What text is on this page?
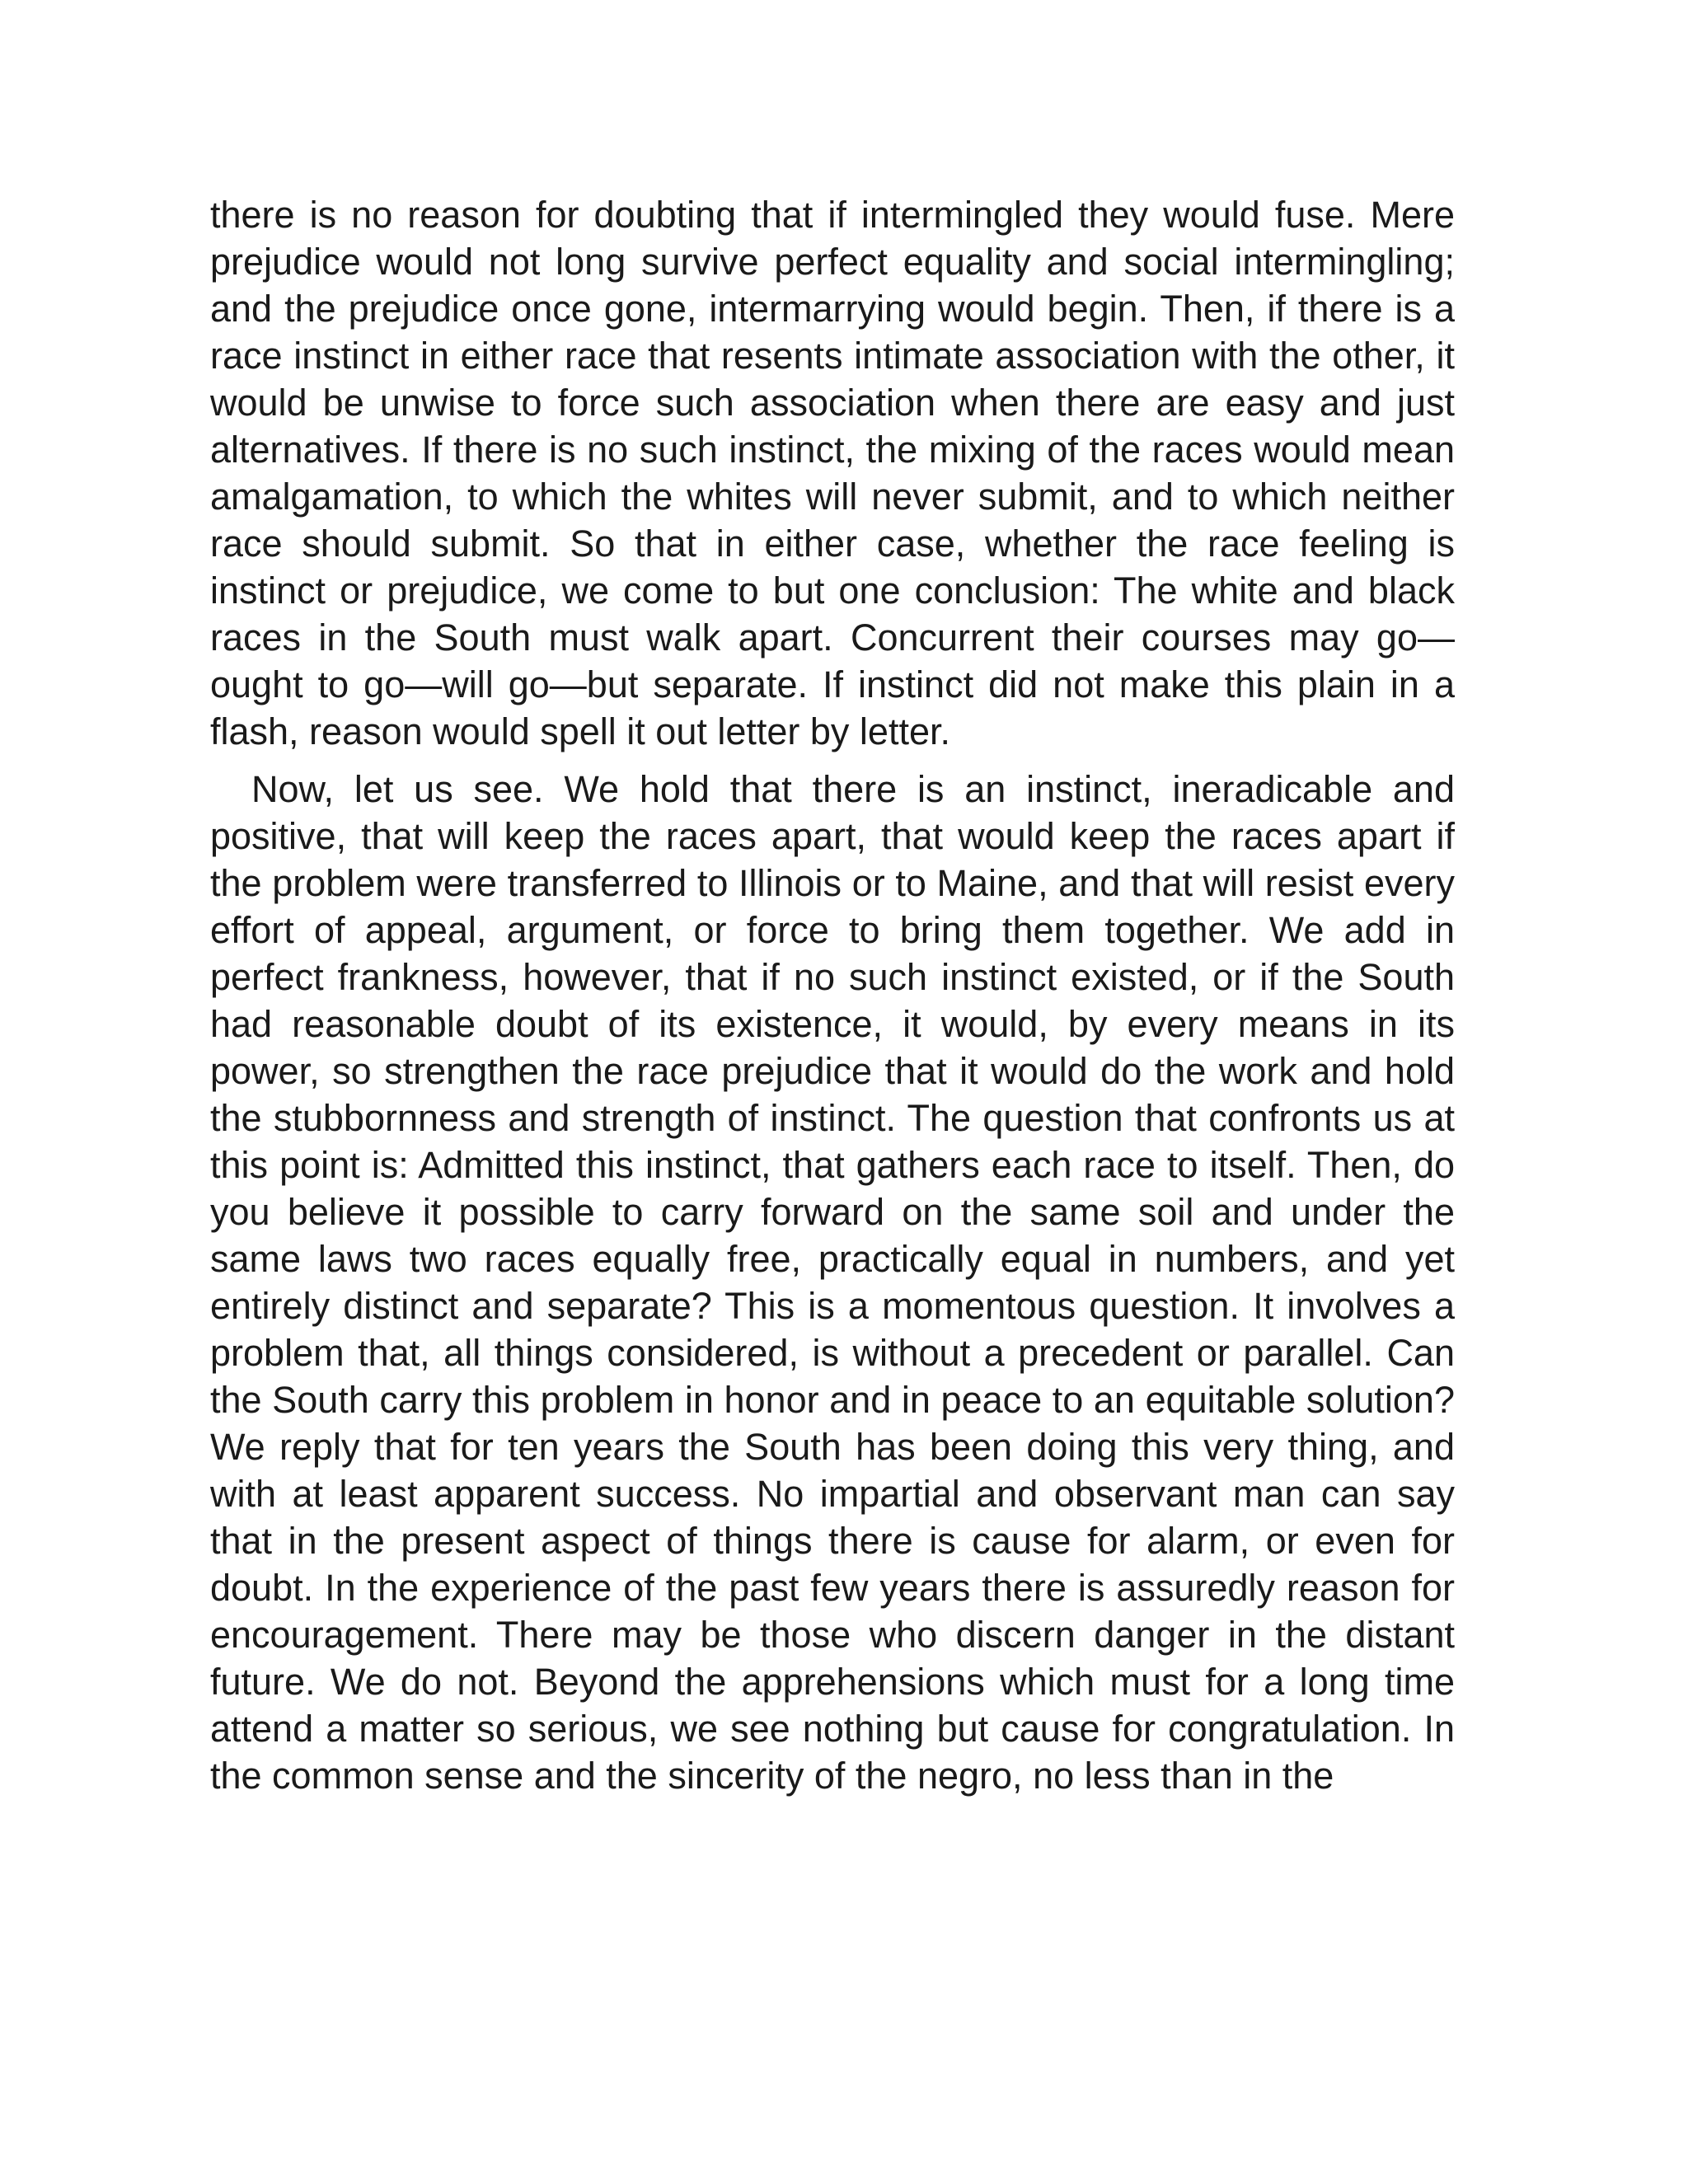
there is no reason for doubting that if intermingled they would fuse. Mere prejudice would not long survive perfect equality and social intermingling; and the prejudice once gone, intermarrying would begin. Then, if there is a race instinct in either race that resents intimate association with the other, it would be unwise to force such association when there are easy and just alternatives. If there is no such instinct, the mixing of the races would mean amalgamation, to which the whites will never submit, and to which neither race should submit. So that in either case, whether the race feeling is instinct or prejudice, we come to but one conclusion: The white and black races in the South must walk apart. Concurrent their courses may go—ought to go—will go—but separate. If instinct did not make this plain in a flash, reason would spell it out letter by letter.

Now, let us see. We hold that there is an instinct, ineradicable and positive, that will keep the races apart, that would keep the races apart if the problem were transferred to Illinois or to Maine, and that will resist every effort of appeal, argument, or force to bring them together. We add in perfect frankness, however, that if no such instinct existed, or if the South had reasonable doubt of its existence, it would, by every means in its power, so strengthen the race prejudice that it would do the work and hold the stubbornness and strength of instinct. The question that confronts us at this point is: Admitted this instinct, that gathers each race to itself. Then, do you believe it possible to carry forward on the same soil and under the same laws two races equally free, practically equal in numbers, and yet entirely distinct and separate? This is a momentous question. It involves a problem that, all things considered, is without a precedent or parallel. Can the South carry this problem in honor and in peace to an equitable solution? We reply that for ten years the South has been doing this very thing, and with at least apparent success. No impartial and observant man can say that in the present aspect of things there is cause for alarm, or even for doubt. In the experience of the past few years there is assuredly reason for encouragement. There may be those who discern danger in the distant future. We do not. Beyond the apprehensions which must for a long time attend a matter so serious, we see nothing but cause for congratulation. In the common sense and the sincerity of the negro, no less than in the
